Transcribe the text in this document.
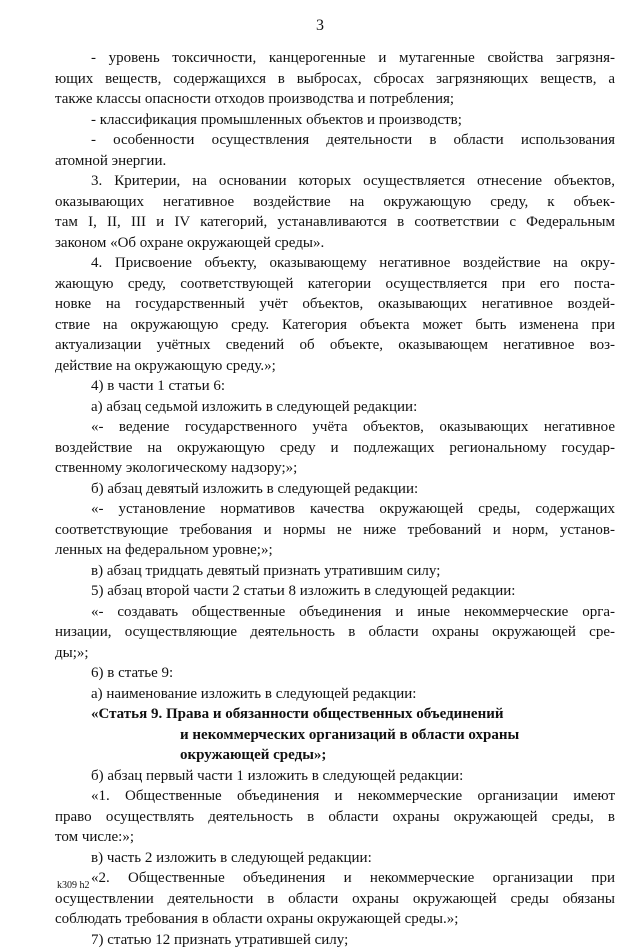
3
- уровень токсичности, канцерогенные и мутагенные свойства загрязня-
ющих веществ, содержащихся в выбросах, сбросах загрязняющих веществ, а
также классы опасности отходов производства и потребления;
- классификация промышленных объектов и производств;
- особенности осуществления деятельности в области использования
атомной энергии.
3. Критерии, на основании которых осуществляется отнесение объектов,
оказывающих негативное воздействие на окружающую среду, к объек-
там I, II, III и IV категорий, устанавливаются в соответствии с Федеральным
законом «Об охране окружающей среды».
4. Присвоение объекту, оказывающему негативное воздействие на окру-
жающую среду, соответствующей категории осуществляется при его поста-
новке на государственный учёт объектов, оказывающих негативное воздей-
ствие на окружающую среду. Категория объекта может быть изменена при
актуализации учётных сведений об объекте, оказывающем негативное воз-
действие на окружающую среду.»;
4) в части 1 статьи 6:
а) абзац седьмой изложить в следующей редакции:
«- ведение государственного учёта объектов, оказывающих негативное
воздействие на окружающую среду и подлежащих региональному государ-
ственному экологическому надзору;»;
б) абзац девятый изложить в следующей редакции:
«- установление нормативов качества окружающей среды, содержащих
соответствующие требования и нормы не ниже требований и норм, установ-
ленных на федеральном уровне;»;
в) абзац тридцать девятый признать утратившим силу;
5) абзац второй части 2 статьи 8 изложить в следующей редакции:
«- создавать общественные объединения и иные некоммерческие орга-
низации, осуществляющие деятельность в области охраны окружающей сре-
ды;»;
6) в статье 9:
а) наименование изложить в следующей редакции:
«Статья 9. Права и обязанности общественных объединений
и некоммерческих организаций в области охраны
окружающей среды»;
б) абзац первый части 1 изложить в следующей редакции:
«1. Общественные объединения и некоммерческие организации имеют
право осуществлять деятельность в области охраны окружающей среды, в
том числе:»;
в) часть 2 изложить в следующей редакции:
«2. Общественные объединения и некоммерческие организации при
осуществлении деятельности в области охраны окружающей среды обязаны
соблюдать требования в области охраны окружающей среды.»;
7) статью 12 признать утратившей силу;
k309 h2
